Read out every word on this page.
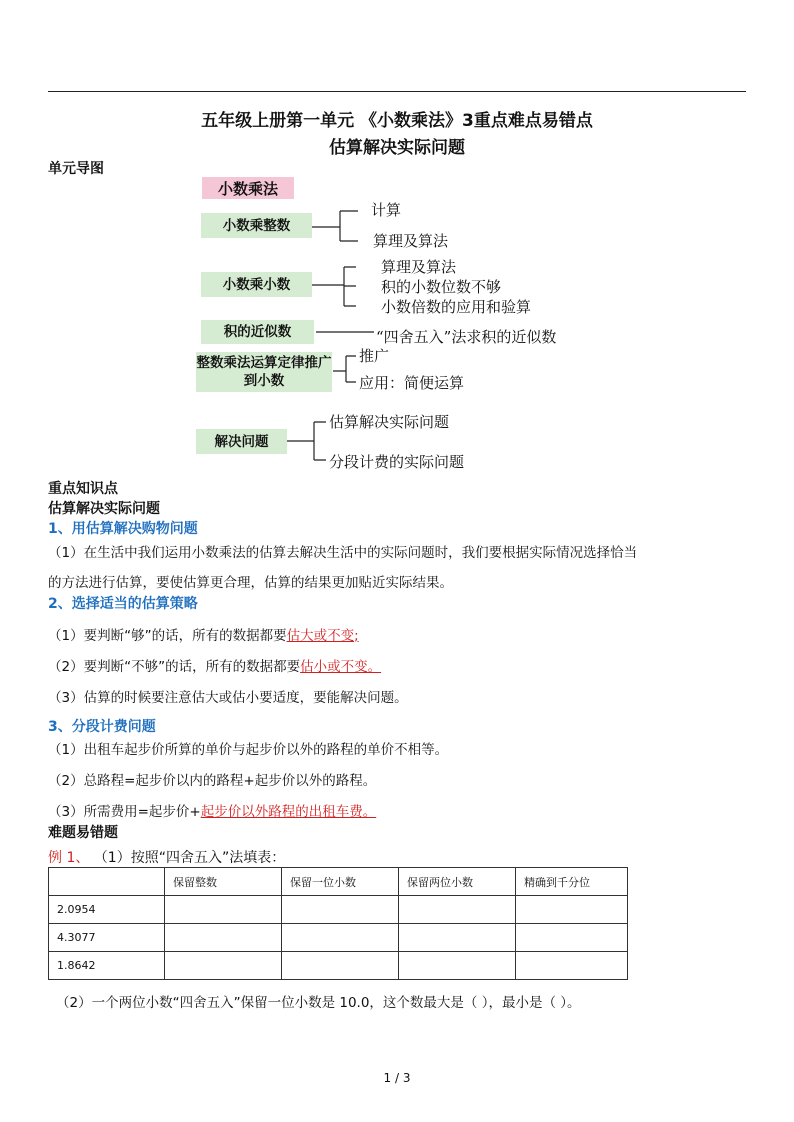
五年级上册第一单元 《小数乘法》3重点难点易错点
估算解决实际问题
单元导图
小数乘法
小数乘整数
计算
算理及算法
小数乘小数
算理及算法
积的小数位数不够
小数倍数的应用和验算
积的近似数	“四舍五入”法求积的近似数
整数乘法运算定律推广到小数
推广
应用：简便运算
解决问题
估算解决实际问题
分段计费的实际问题
重点知识点
估算解决实际问题
1、用估算解决购物问题
（1）在生活中我们运用小数乘法的估算去解决生活中的实际问题时，我们要根据实际情况选择恰当
的方法进行估算，要使估算更合理，估算的结果更加贴近实际结果。
2、选择适当的估算策略
（1）要判断“够”的话，所有的数据都要估大或不变;
（2）要判断“不够”的话，所有的数据都要估小或不变。
（3）估算的时候要注意估大或估小要适度，要能解决问题。
3、分段计费问题
（1）出租车起步价所算的单价与起步价以外的路程的单价不相等。
（2）总路程=起步价以内的路程+起步价以外的路程。
（3）所需费用=起步价+起步价以外路程的出租车费。
难题易错题
例 1、 （1）按照“四舍五入”法填表：
	保留整数	保留一位小数	保留两位小数	精确到千分位
2.0954				
4.3077				
1.8642				
（2）一个两位小数“四舍五入”保留一位小数是 10.0，这个数最大是（ ），最小是（ ）。
1 / 3
